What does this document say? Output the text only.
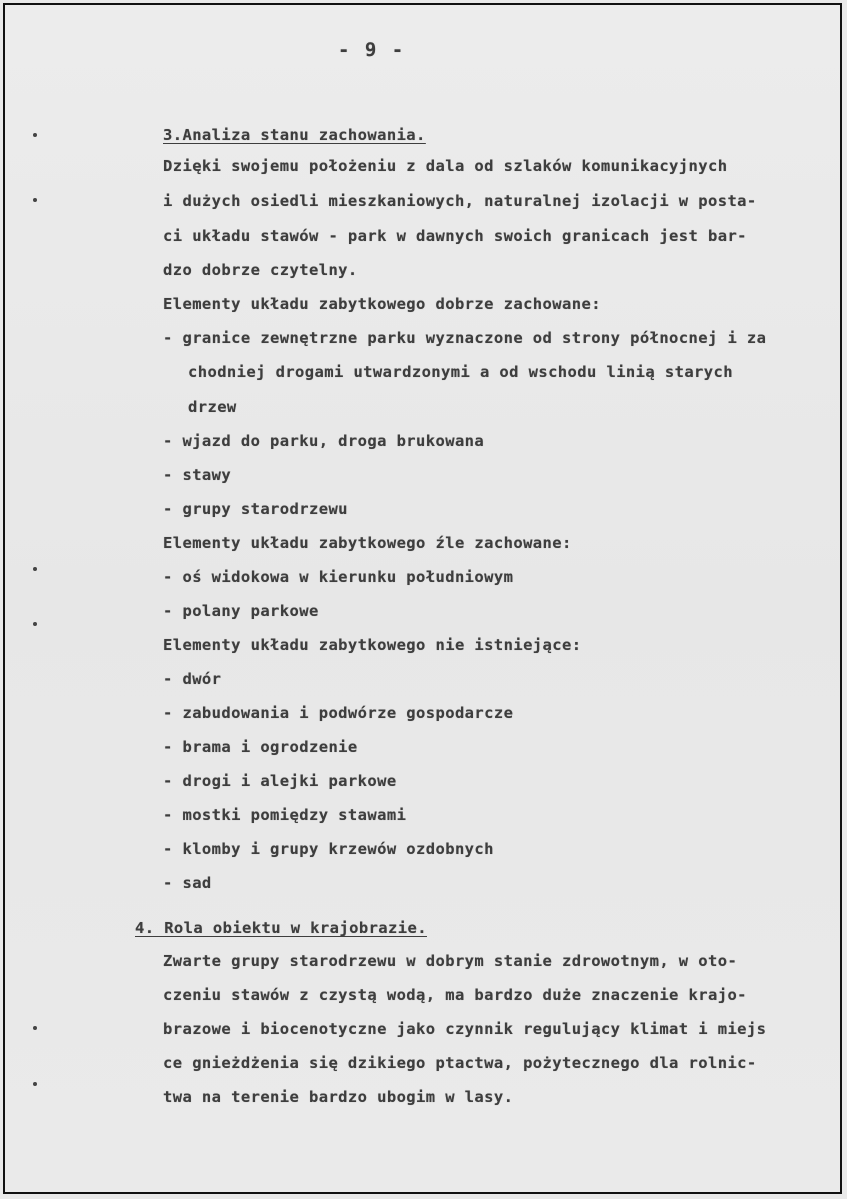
- 9 -
3.Analiza stanu zachowania.
Dzięki swojemu położeniu z dala od szlaków komunikacyjnych
i dużych osiedli mieszkaniowych, naturalnej izolacji w posta-
ci układu stawów - park w dawnych swoich granicach jest bar-
dzo dobrze czytelny.
Elementy układu zabytkowego dobrze zachowane:
- granice zewnętrzne parku wyznaczone od strony północnej i za
chodniej drogami utwardzonymi a od wschodu linią starych
drzew
- wjazd do parku, droga brukowana
- stawy
- grupy starodrzewu
Elementy układu zabytkowego źle zachowane:
- oś widokowa w kierunku południowym
- polany parkowe
Elementy układu zabytkowego nie istniejące:
- dwór
- zabudowania i podwórze gospodarcze
- brama i ogrodzenie
- drogi i alejki parkowe
- mostki pomiędzy stawami
- klomby i grupy krzewów ozdobnych
- sad
4. Rola obiektu w krajobrazie.
Zwarte grupy starodrzewu w dobrym stanie zdrowotnym, w oto-
czeniu stawów z czystą wodą, ma bardzo duże znaczenie krajo-
brazowe i biocenotyczne jako czynnik regulujący klimat i miejs
ce gnieżdżenia się dzikiego ptactwa, pożytecznego dla rolnic-
twa na terenie bardzo ubogim w lasy.
